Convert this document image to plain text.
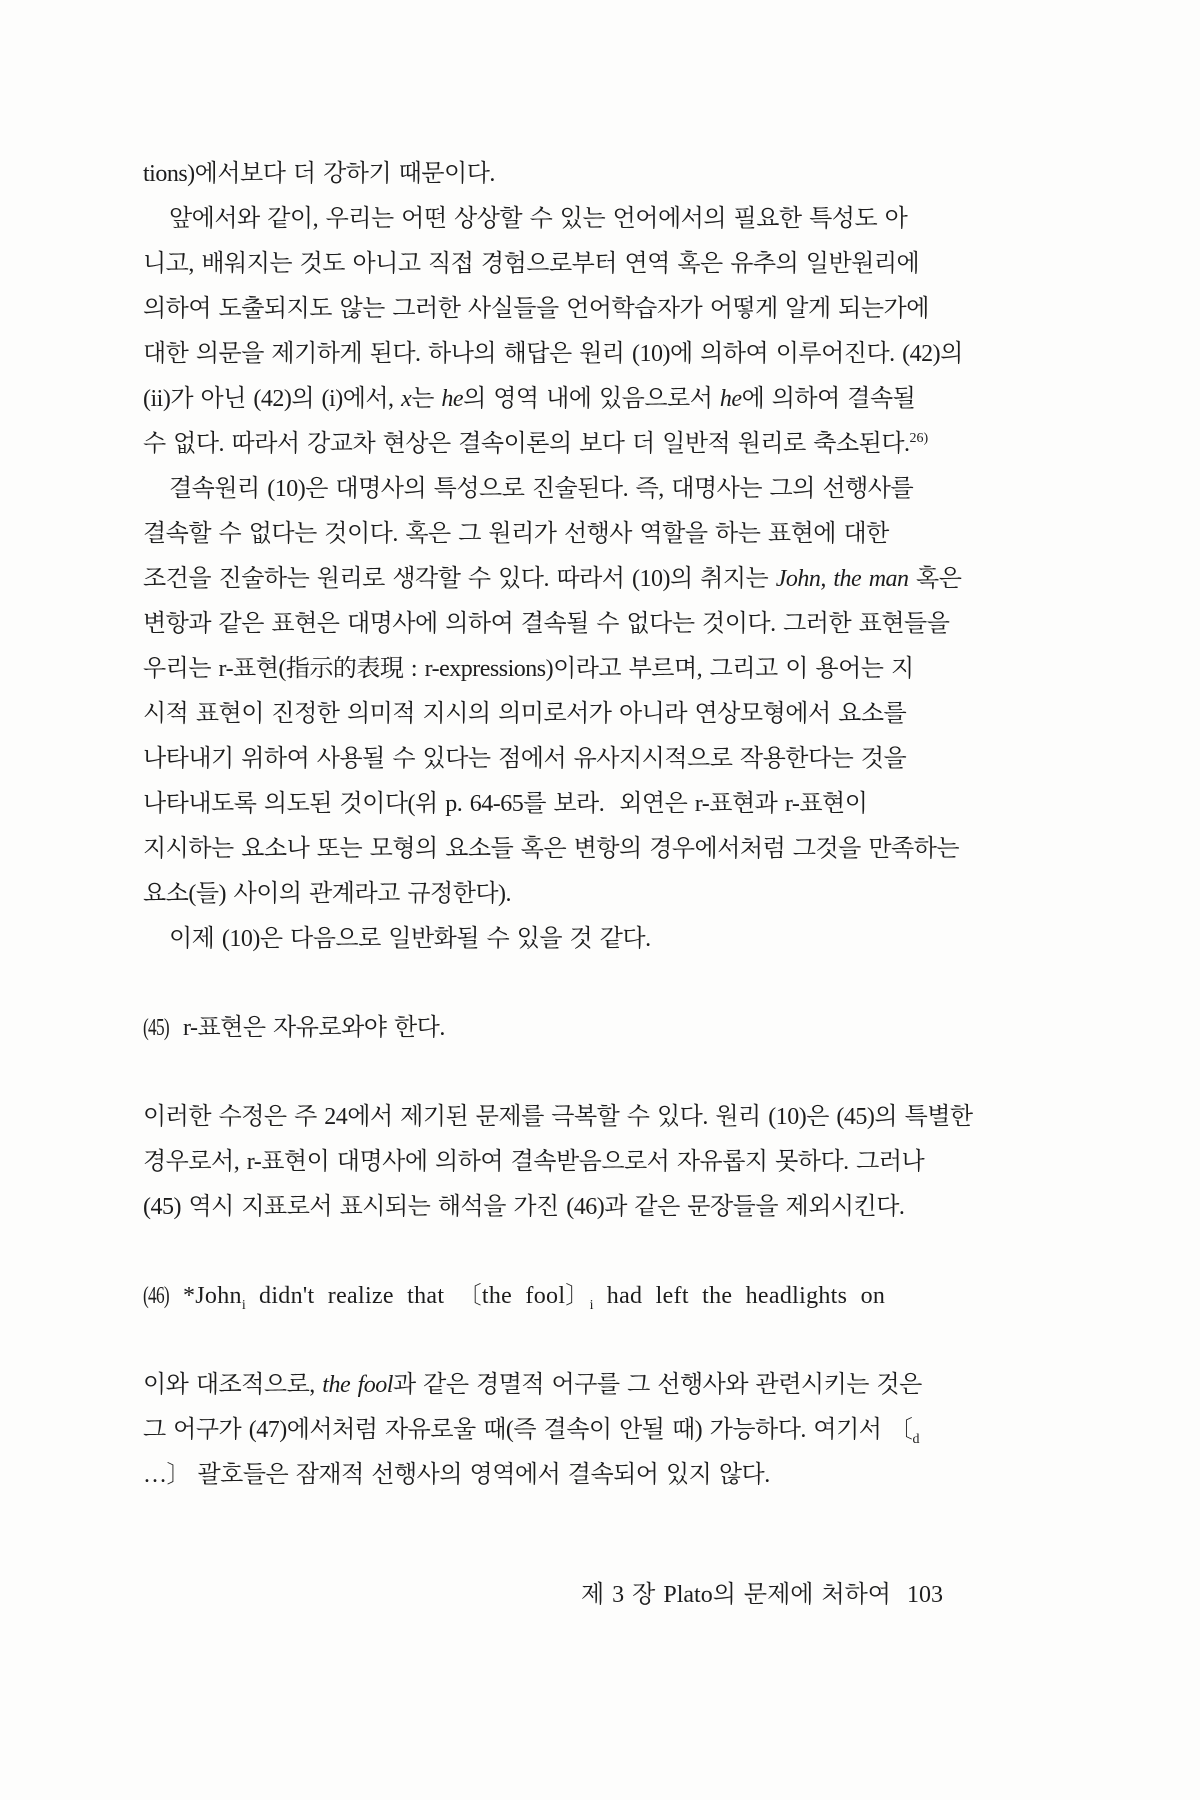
tions)에서보다 더 강하기 때문이다.
앞에서와 같이, 우리는 어떤 상상할 수 있는 언어에서의 필요한 특성도 아
니고, 배워지는 것도 아니고 직접 경험으로부터 연역 혹은 유추의 일반원리에
의하여 도출되지도 않는 그러한 사실들을 언어학습자가 어떻게 알게 되는가에
대한 의문을 제기하게 된다. 하나의 해답은 원리 (10)에 의하여 이루어진다. (42)의
(ii)가 아닌 (42)의 (i)에서, x는 he의 영역 내에 있음으로서 he에 의하여 결속될
수 없다. 따라서 강교차 현상은 결속이론의 보다 더 일반적 원리로 축소된다.$^{26)}$
결속원리 (10)은 대명사의 특성으로 진술된다. 즉, 대명사는 그의 선행사를
결속할 수 없다는 것이다. 혹은 그 원리가 선행사 역할을 하는 표현에 대한
조건을 진술하는 원리로 생각할 수 있다. 따라서 (10)의 취지는 John, the man 혹은
변항과 같은 표현은 대명사에 의하여 결속될 수 없다는 것이다. 그러한 표현들을
우리는 r-표현(指示的表現 : r-expressions)이라고 부르며, 그리고 이 용어는 지
시적 표현이 진정한 의미적 지시의 의미로서가 아니라 연상모형에서 요소를
나타내기 위하여 사용될 수 있다는 점에서 유사지시적으로 작용한다는 것을
나타내도록 의도된 것이다(위 p. 64-65를 보라.  외연은 r-표현과 r-표현이
지시하는 요소나 또는 모형의 요소들 혹은 변항의 경우에서처럼 그것을 만족하는
요소(들) 사이의 관계라고 규정한다).
이제 (10)은 다음으로 일반화될 수 있을 것 같다.
(45) r-표현은 자유로와야 한다.
이러한 수정은 주 24에서 제기된 문제를 극복할 수 있다. 원리 (10)은 (45)의 특별한
경우로서, r-표현이 대명사에 의하여 결속받음으로서 자유롭지 못하다. 그러나
(45) 역시 지표로서 표시되는 해석을 가진 (46)과 같은 문장들을 제외시킨다.
(46) *John$_i$ didn't realize that 〔the fool〕$_i$ had left the headlights on
이와 대조적으로, the fool과 같은 경멸적 어구를 그 선행사와 관련시키는 것은
그 어구가 (47)에서처럼 자유로울 때(즉 결속이 안될 때) 가능하다. 여기서 〔$_d$
…〕 괄호들은 잠재적 선행사의 영역에서 결속되어 있지 않다.
제 3 장 Plato의 문제에 처하여 103
